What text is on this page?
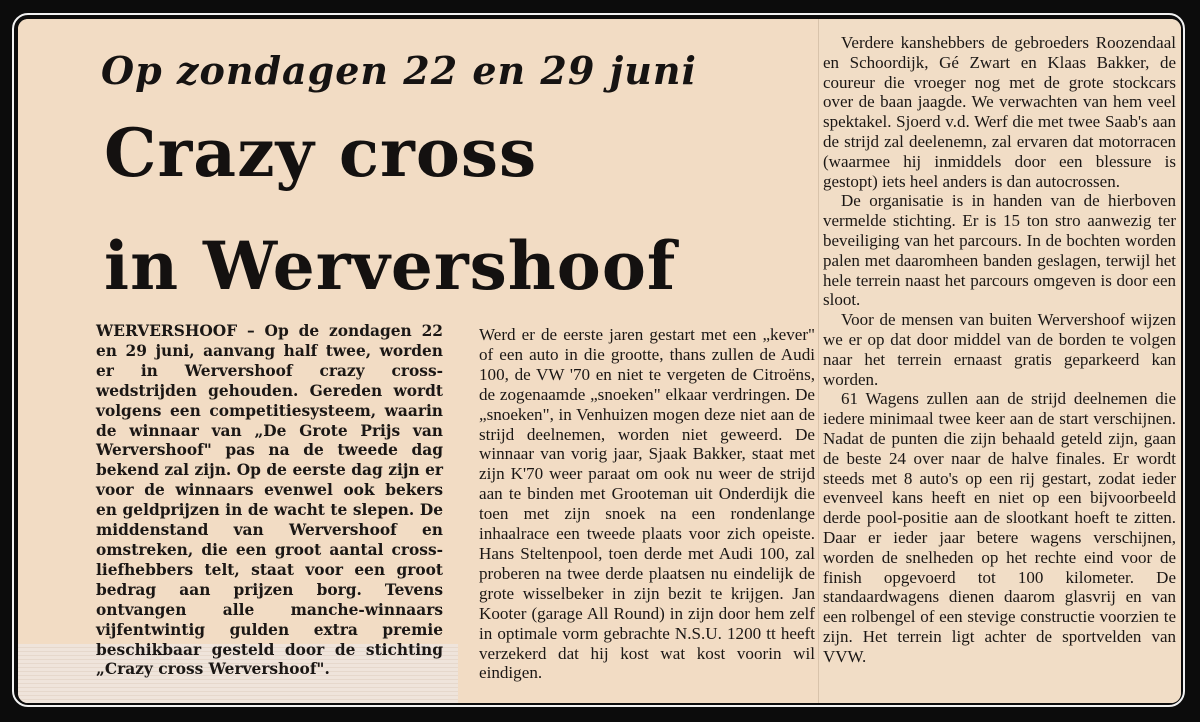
Op zondagen 22 en 29 juni
Crazy cross
in Wervershoof

WERVERSHOOF – Op de zondagen 22 en 29 juni, aanvang half twee, worden er in Wervershoof crazy cross-wedstrijden gehouden. Gereden wordt volgens een competitiesysteem, waarin de winnaar van „De Grote Prijs van Wervershoof" pas na de tweede dag bekend zal zijn. Op de eerste dag zijn er voor de winnaars evenwel ook bekers en geldprijzen in de wacht te slepen. De middenstand van Wervershoof en omstreken, die een groot aantal cross-liefhebbers telt, staat voor een groot bedrag aan prijzen borg. Tevens ontvangen alle manche-winnaars vijfentwintig gulden extra premie beschikbaar gesteld door de stichting „Crazy cross Wervershoof".

Werd er de eerste jaren gestart met een „kever" of een auto in die grootte, thans zullen de Audi 100, de VW '70 en niet te vergeten de Citroëns, de zogenaamde „snoeken" elkaar verdringen. De „snoeken", in Venhuizen mogen deze niet aan de strijd deelnemen, worden niet geweerd. De winnaar van vorig jaar, Sjaak Bakker, staat met zijn K'70 weer paraat om ook nu weer de strijd aan te binden met Grooteman uit Onderdijk die toen met zijn snoek na een rondenlange inhaalrace een tweede plaats voor zich opeiste. Hans Steltenpool, toen derde met Audi 100, zal proberen na twee derde plaatsen nu eindelijk de grote wisselbeker in zijn bezit te krijgen. Jan Kooter (garage All Round) in zijn door hem zelf in optimale vorm gebrachte N.S.U. 1200 tt heeft verzekerd dat hij kost wat kost voorin wil eindigen.

Verdere kanshebbers de gebroeders Roozendaal en Schoordijk, Gé Zwart en Klaas Bakker, de coureur die vroeger nog met de grote stockcars over de baan jaagde. We verwachten van hem veel spektakel. Sjoerd v.d. Werf die met twee Saab's aan de strijd zal deelenemn, zal ervaren dat motorracen (waarmee hij inmiddels door een blessure is gestopt) iets heel anders is dan autocrossen.

De organisatie is in handen van de hierboven vermelde stichting. Er is 15 ton stro aanwezig ter beveiliging van het parcours. In de bochten worden palen met daaromheen banden geslagen, terwijl het hele terrein naast het parcours omgeven is door een sloot.

Voor de mensen van buiten Wervershoof wijzen we er op dat door middel van de borden te volgen naar het terrein ernaast gratis geparkeerd kan worden.

61 Wagens zullen aan de strijd deelnemen die iedere minimaal twee keer aan de start verschijnen. Nadat de punten die zijn behaald geteld zijn, gaan de beste 24 over naar de halve finales. Er wordt steeds met 8 auto's op een rij gestart, zodat ieder evenveel kans heeft en niet op een bijvoorbeeld derde pool-positie aan de slootkant hoeft te zitten. Daar er ieder jaar betere wagens verschijnen, worden de snelheden op het rechte eind voor de finish opgevoerd tot 100 kilometer. De standaardwagens dienen daarom glasvrij en van een rolbengel of een stevige constructie voorzien te zijn. Het terrein ligt achter de sportvelden van VVW.
